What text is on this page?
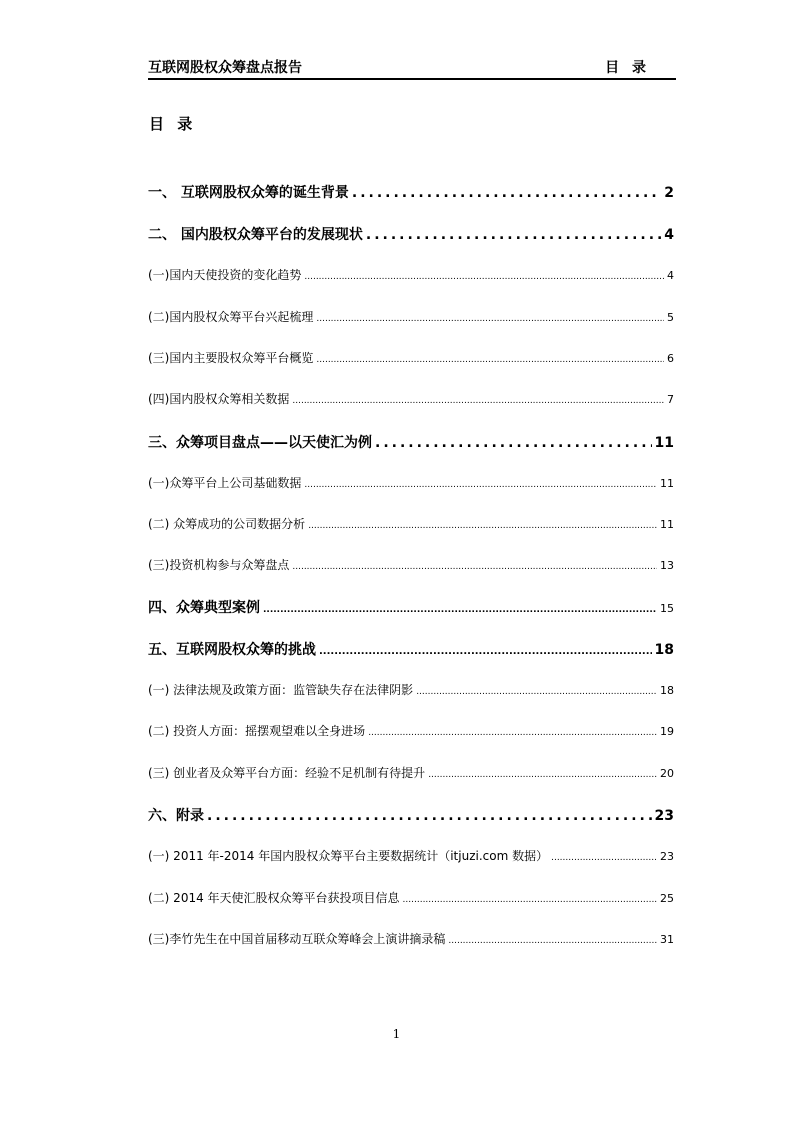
互联网股权众筹盘点报告	目 录
目 录
一、 互联网股权众筹的诞生背景 .....	2
二、 国内股权众筹平台的发展现状 .....	4
(一)国内天使投资的变化趋势 .....	4
(二)国内股权众筹平台兴起梳理 .....	5
(三)国内主要股权众筹平台概览 .....	6
(四)国内股权众筹相关数据 .....	7
三、众筹项目盘点——以天使汇为例 .....	11
(一)众筹平台上公司基础数据 .....	11
(二) 众筹成功的公司数据分析 .....	11
(三)投资机构参与众筹盘点 .....	13
四、众筹典型案例 .....	15
五、互联网股权众筹的挑战 .....	18
(一) 法律法规及政策方面：监管缺失存在法律阴影 .....	18
(二) 投资人方面：摇摆观望难以全身进场 .....	19
(三) 创业者及众筹平台方面：经验不足机制有待提升 .....	20
六、附录 .....	23
(一) 2011 年-2014 年国内股权众筹平台主要数据统计（itjuzi.com 数据） .....	23
(二) 2014 年天使汇股权众筹平台获投项目信息 .....	25
(三)李竹先生在中国首届移动互联众筹峰会上演讲摘录稿 .....	31
1
